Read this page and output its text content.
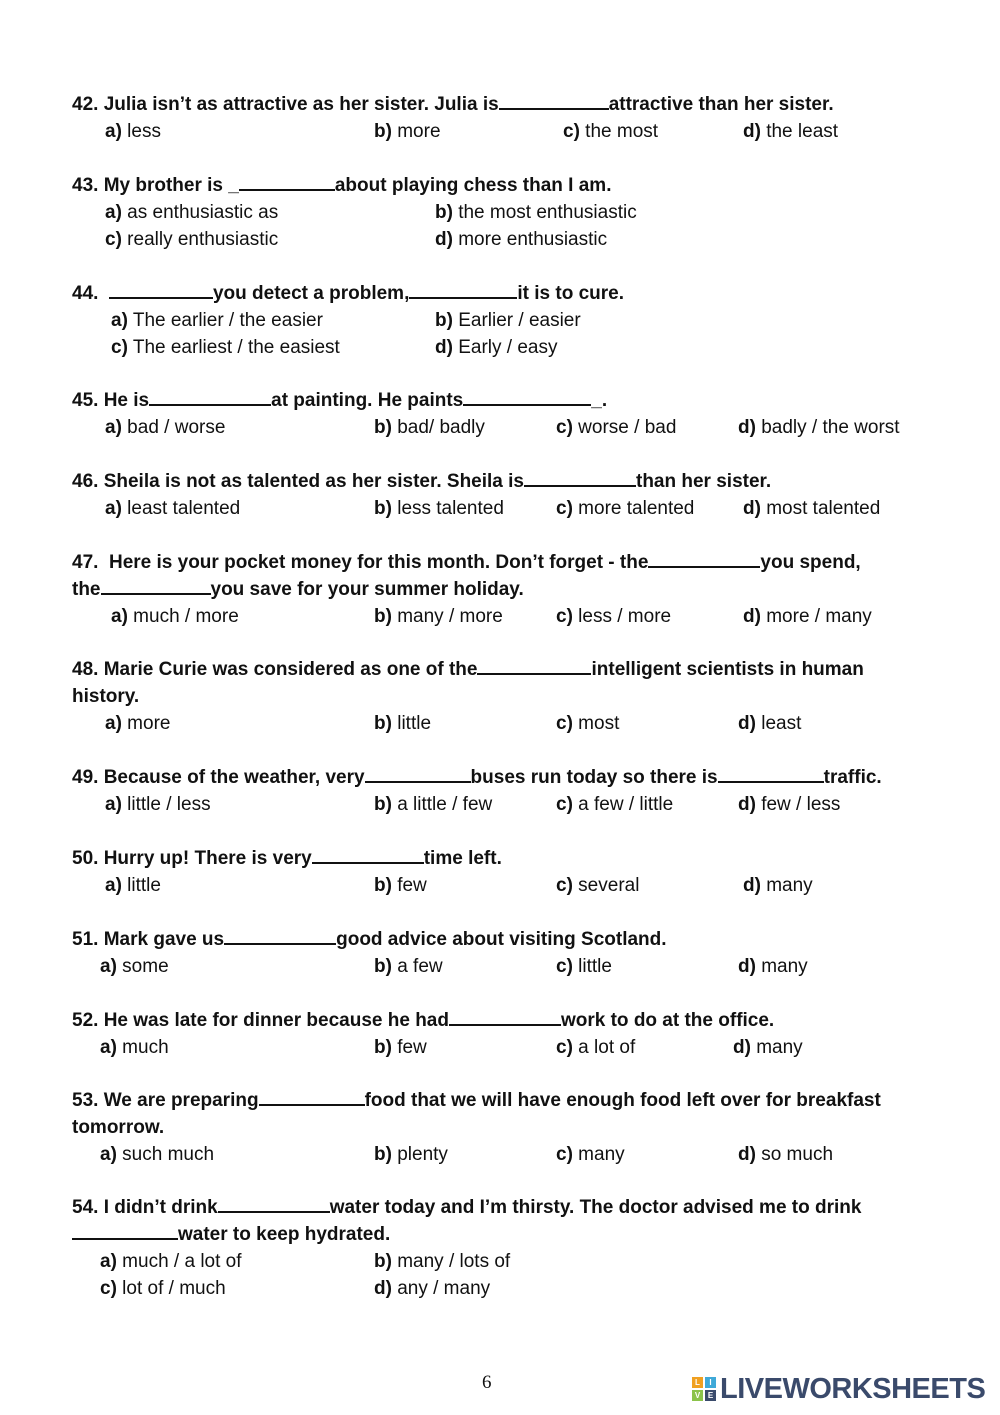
42. Julia isn’t as attractive as her sister. Julia is	attractive than her sister.
a) less	b) more	c) the most	d) the least
43. My brother is _	about playing chess than I am.
a) as enthusiastic as	b) the most enthusiastic
c) really enthusiastic	d) more enthusiastic
44.	you detect a problem,	it is to cure.
a) The earlier / the easier	b) Earlier / easier
c) The earliest / the easiest	d) Early / easy
45. He is	at painting. He paints	_.
a) bad / worse	b) bad/ badly	c) worse / bad	d) badly / the worst
46. Sheila is not as talented as her sister. Sheila is	than her sister.
a) least talented	b) less talented	c) more talented	d) most talented
47. Here is your pocket money for this month. Don’t forget - the	you spend,
the	you save for your summer holiday.
a) much / more	b) many / more	c) less / more	d) more / many
48. Marie Curie was considered as one of the	intelligent scientists in human
history.
a) more	b) little	c) most	d) least
49. Because of the weather, very	buses run today so there is	traffic.
a) little / less	b) a little / few	c) a few / little	d) few / less
50. Hurry up! There is very	time left.
a) little	b) few	c) several	d) many
51. Mark gave us	good advice about visiting Scotland.
a) some	b) a few	c) little	d) many
52. He was late for dinner because he had	work to do at the office.
a) much	b) few	c) a lot of	d) many
53. We are preparing	food that we will have enough food left over for breakfast
tomorrow.
a) such much	b) plenty	c) many	d) so much
54. I didn’t drink	water today and I’m thirsty. The doctor advised me to drink
water to keep hydrated.
a) much / a lot of	b) many / lots of
c) lot of / much	d) any / many
6	L	I
V E LIVEWORKSHEETS
